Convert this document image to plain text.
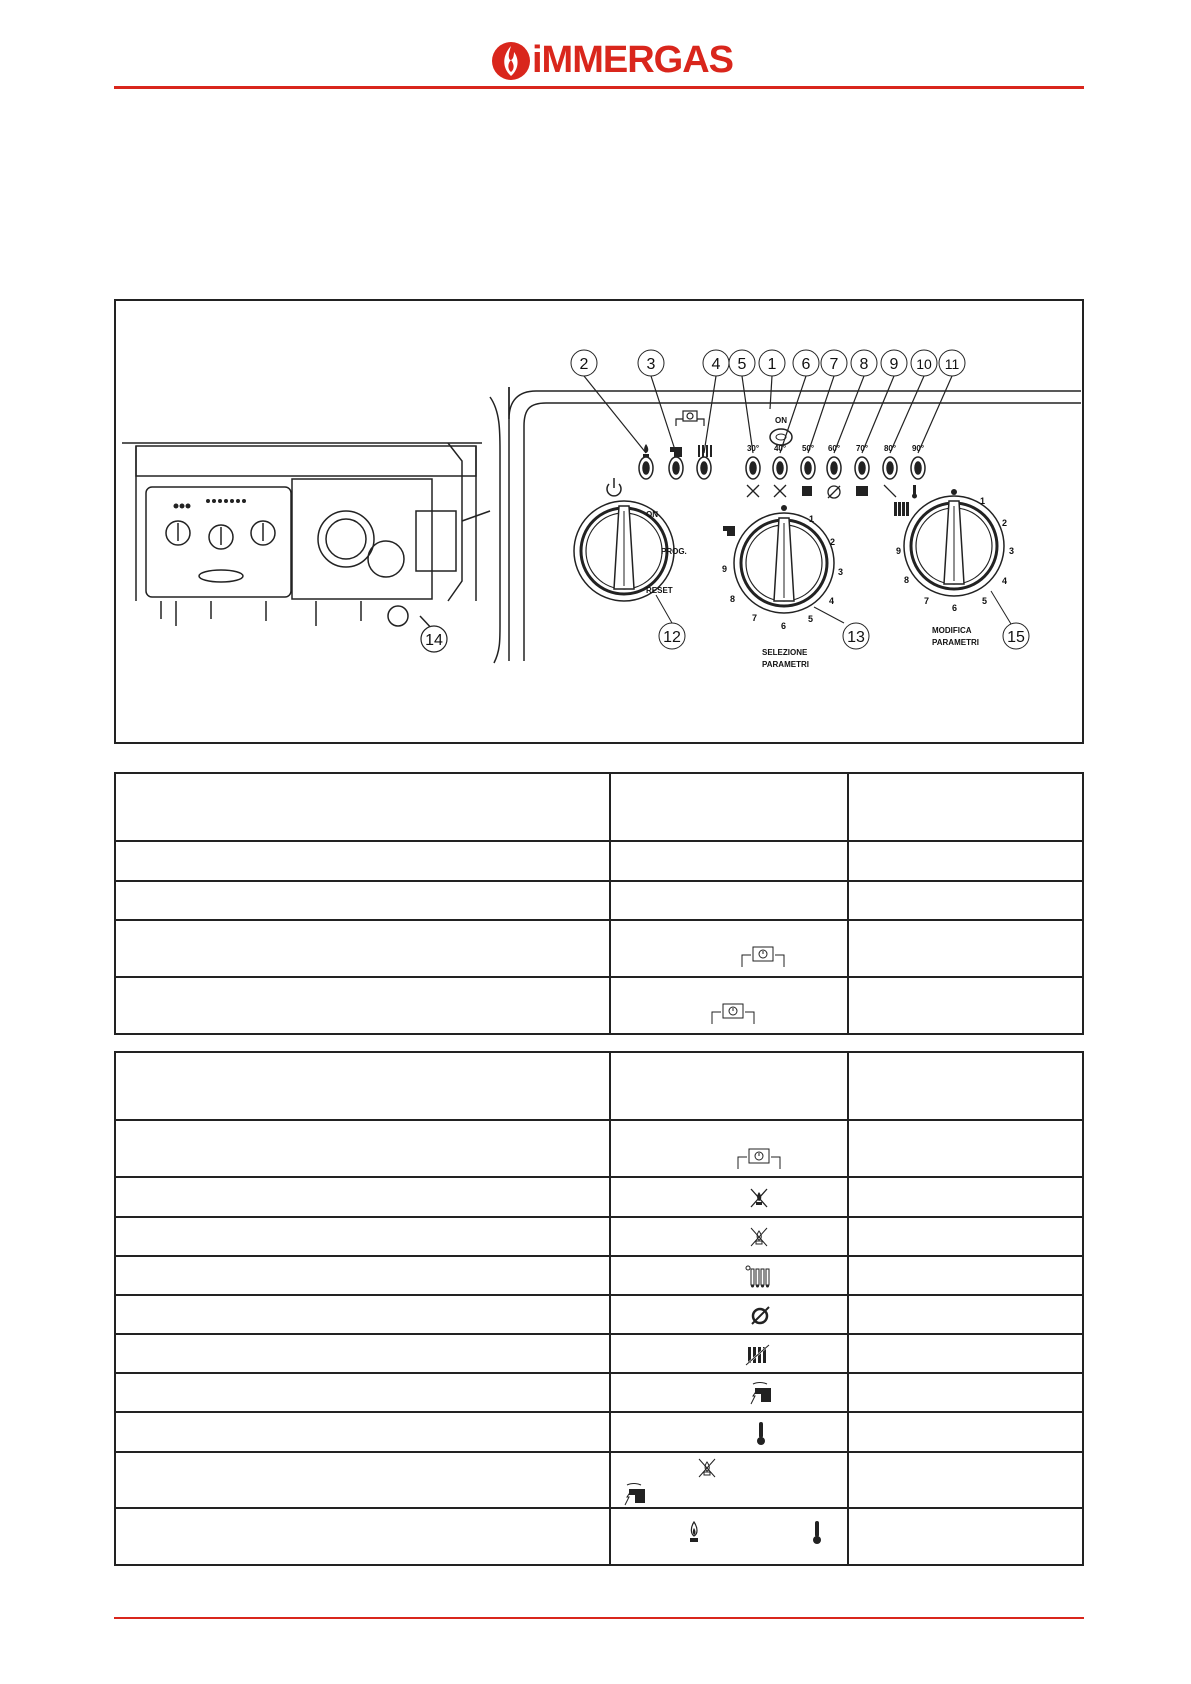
iMMERGAS
14
2	3	4 5 1 6 7 8 9 10 11
ON
30° 40° 50° 60° 70° 80° 90°
ON
PROG.
RESET
12
1
2
3
4
5
6
7
8
9
13
SELEZIONE
PARAMETRI
1
2
3
4
5
6
7
8
9
15
MODIFICA
PARAMETRI
